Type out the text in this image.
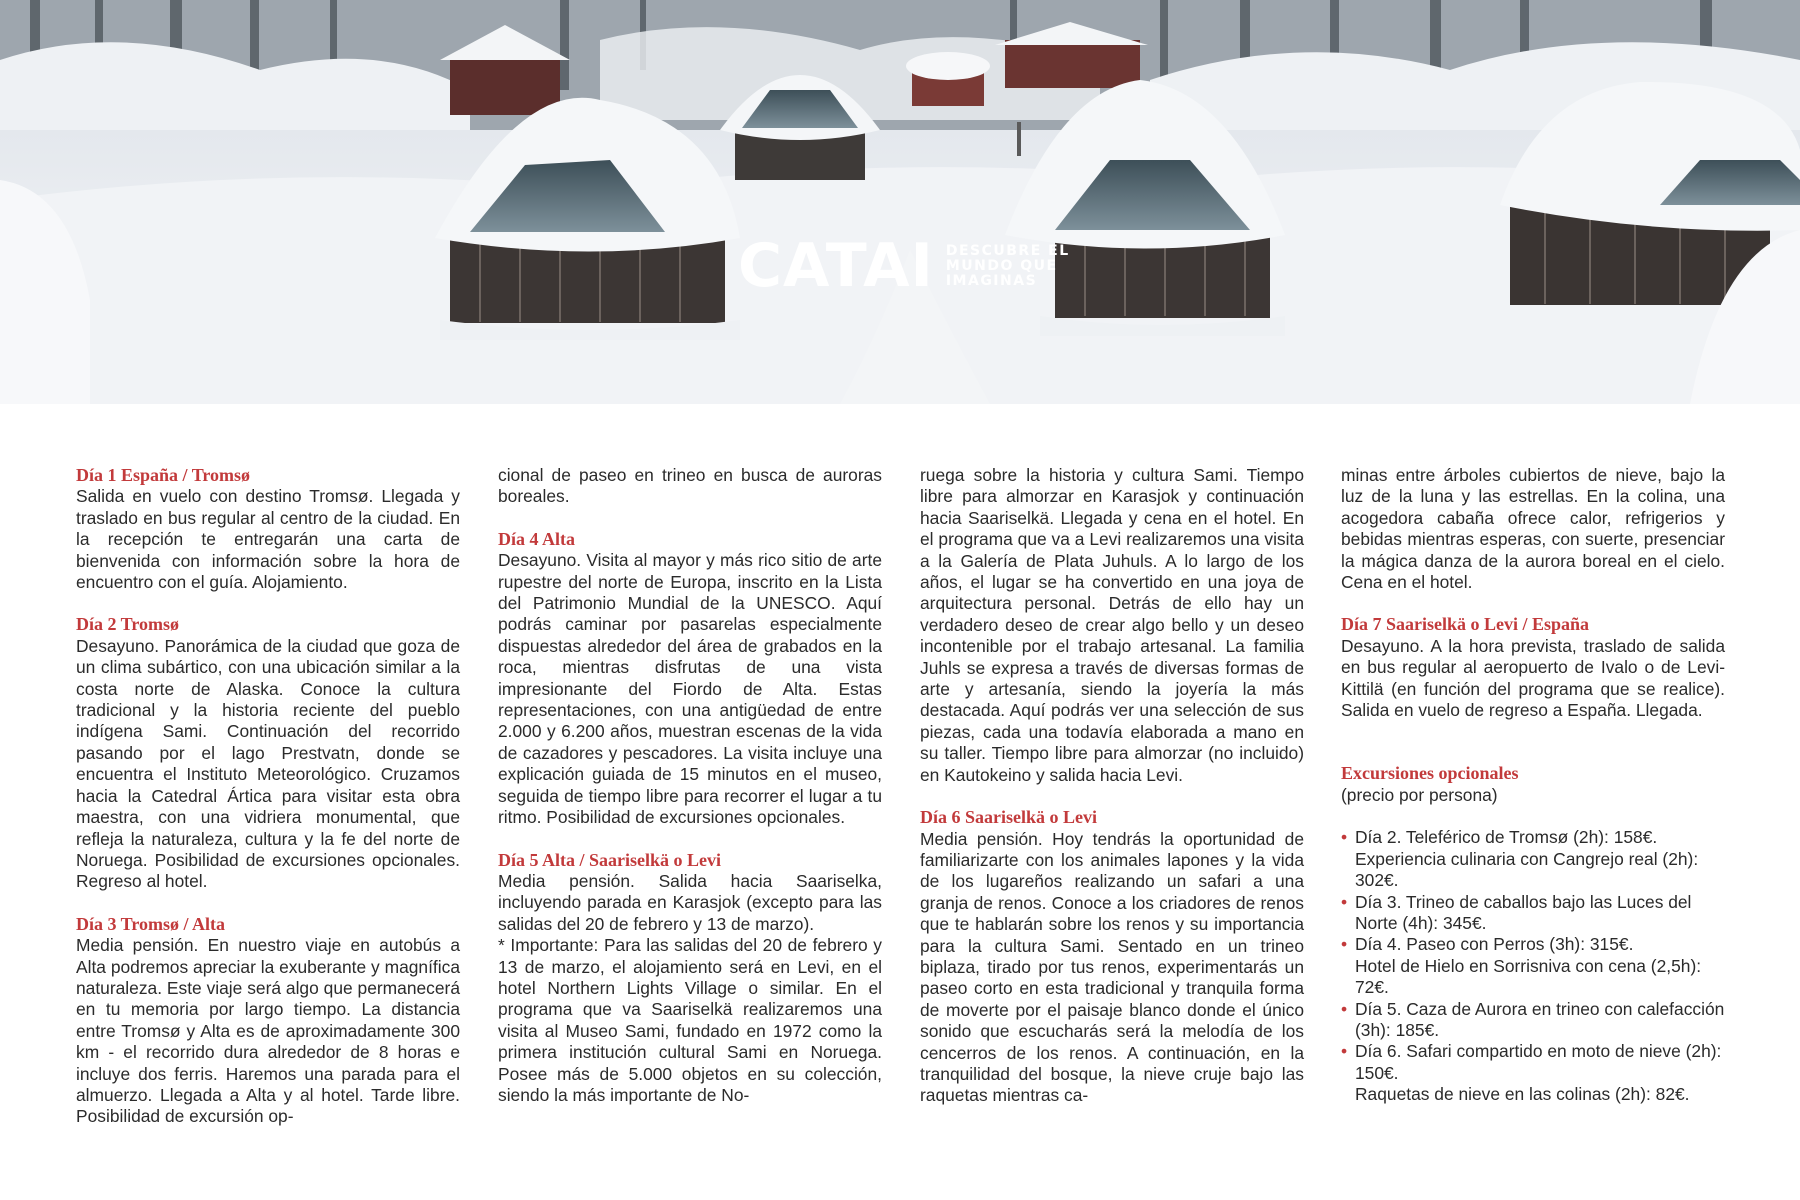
CATAI DESCUBRE EL
MUNDO QUE
IMAGINAS
Día 1 España / Tromsø

Salida en vuelo con destino Tromsø. Llegada y traslado en bus regular al centro de la ciudad. En la recepción te entregarán una carta de bienvenida con información sobre la hora de encuentro con el guía. Alojamiento.

Día 2 Tromsø

Desayuno. Panorámica de la ciudad que goza de un clima subártico, con una ubicación similar a la costa norte de Alaska. Conoce la cultura tradicional y la historia reciente del pueblo indígena Sami. Continuación del recorrido pasando por el lago Prestvatn, donde se encuentra el Instituto Meteorológico. Cruzamos hacia la Catedral Ártica para visitar esta obra maestra, con una vidriera monumental, que refleja la naturaleza, cultura y la fe del norte de Noruega. Posibilidad de excursiones opcionales. Regreso al hotel.

Día 3 Tromsø / Alta

Media pensión. En nuestro viaje en autobús a Alta podremos apreciar la exuberante y magnífica naturaleza. Este viaje será algo que permanecerá en tu memoria por largo tiempo. La distancia entre Tromsø y Alta es de aproximadamente 300 km - el recorrido dura alrededor de 8 horas e incluye dos ferris. Haremos una parada para el almuerzo. Llegada a Alta y al hotel. Tarde libre. Posibilidad de excursión op-

cional de paseo en trineo en busca de auroras boreales.

Día 4 Alta

Desayuno. Visita al mayor y más rico sitio de arte rupestre del norte de Europa, inscrito en la Lista del Patrimonio Mundial de la UNESCO. Aquí podrás caminar por pasarelas especialmente dispuestas alrededor del área de grabados en la roca, mientras disfrutas de una vista impresionante del Fiordo de Alta. Estas representaciones, con una antigüedad de entre 2.000 y 6.200 años, muestran escenas de la vida de cazadores y pescadores. La visita incluye una explicación guiada de 15 minutos en el museo, seguida de tiempo libre para recorrer el lugar a tu ritmo. Posibilidad de excursiones opcionales.

Día 5 Alta / Saariselkä o Levi

Media pensión. Salida hacia Saariselka, incluyendo parada en Karasjok (excepto para las salidas del 20 de febrero y 13 de marzo).

* Importante: Para las salidas del 20 de febrero y 13 de marzo, el alojamiento será en Levi, en el hotel Northern Lights Village o similar. En el programa que va Saariselkä realizaremos una visita al Museo Sami, fundado en 1972 como la primera institución cultural Sami en Noruega. Posee más de 5.000 objetos en su colección, siendo la más importante de No-

ruega sobre la historia y cultura Sami. Tiempo libre para almorzar en Karasjok y continuación hacia Saariselkä. Llegada y cena en el hotel. En el programa que va a Levi realizaremos una visita a la Galería de Plata Juhuls. A lo largo de los años, el lugar se ha convertido en una joya de arquitectura personal. Detrás de ello hay un verdadero deseo de crear algo bello y un deseo incontenible por el trabajo artesanal. La familia Juhls se expresa a través de diversas formas de arte y artesanía, siendo la joyería la más destacada. Aquí podrás ver una selección de sus piezas, cada una todavía elaborada a mano en su taller. Tiempo libre para almorzar (no incluido) en Kautokeino y salida hacia Levi.

Día 6 Saariselkä o Levi

Media pensión. Hoy tendrás la oportunidad de familiarizarte con los animales lapones y la vida de los lugareños realizando un safari a una granja de renos. Conoce a los criadores de renos que te hablarán sobre los renos y su importancia para la cultura Sami. Sentado en un trineo biplaza, tirado por tus renos, experimentarás un paseo corto en esta tradicional y tranquila forma de moverte por el paisaje blanco donde el único sonido que escucharás será la melodía de los cencerros de los renos. A continuación, en la tranquilidad del bosque, la nieve cruje bajo las raquetas mientras ca-

minas entre árboles cubiertos de nieve, bajo la luz de la luna y las estrellas. En la colina, una acogedora cabaña ofrece calor, refrigerios y bebidas mientras esperas, con suerte, presenciar la mágica danza de la aurora boreal en el cielo. Cena en el hotel.

Día 7 Saariselkä o Levi / España

Desayuno. A la hora prevista, traslado de salida en bus regular al aeropuerto de Ivalo o de Levi-Kittilä (en función del programa que se realice). Salida en vuelo de regreso a España. Llegada.

Excursiones opcionales
(precio por persona)
• Día 2. Teleférico de Tromsø (2h): 158€.
Experiencia culinaria con Cangrejo real (2h): 302€.
• Día 3. Trineo de caballos bajo las Luces del Norte (4h): 345€.
• Día 4. Paseo con Perros (3h): 315€.
Hotel de Hielo en Sorrisniva con cena (2,5h): 72€.
• Día 5. Caza de Aurora en trineo con calefacción (3h): 185€.
• Día 6. Safari compartido en moto de nieve (2h): 150€.
Raquetas de nieve en las colinas (2h): 82€.
